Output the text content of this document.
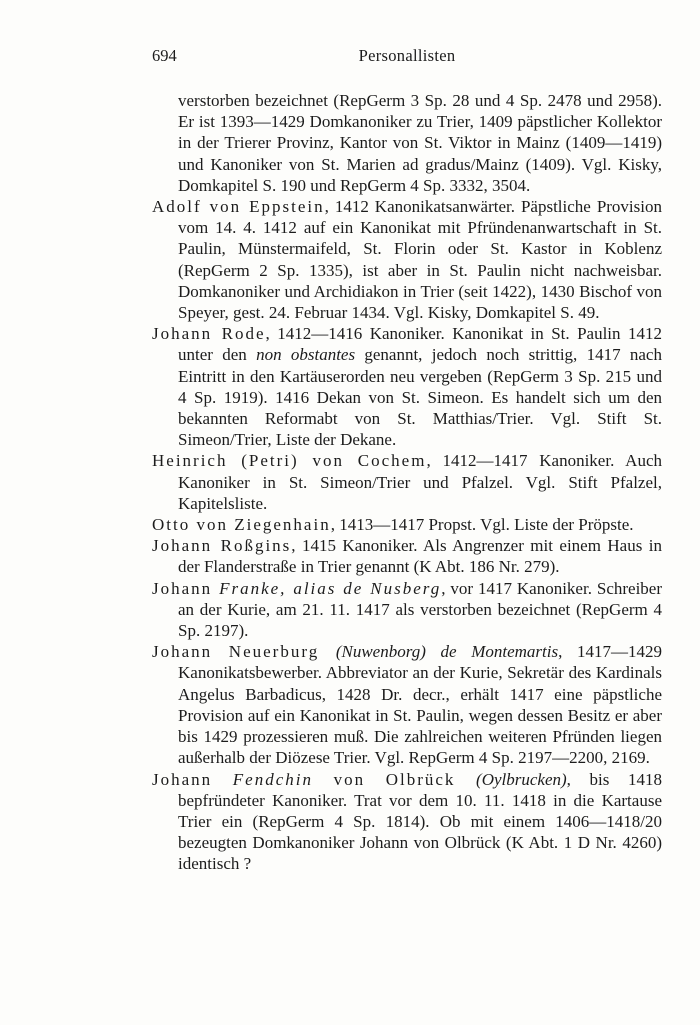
694	Personallisten

verstorben bezeichnet (RepGerm 3 Sp. 28 und 4 Sp. 2478 und 2958). Er ist 1393—1429 Domkanoniker zu Trier, 1409 päpstlicher Kollektor in der Trierer Provinz, Kantor von St. Viktor in Mainz (1409—1419) und Kanoniker von St. Marien ad gradus/Mainz (1409). Vgl. Kisky, Domkapitel S. 190 und RepGerm 4 Sp. 3332, 3504.

Adolf von Eppstein, 1412 Kanonikatsanwärter. Päpstliche Provision vom 14. 4. 1412 auf ein Kanonikat mit Pfründenanwartschaft in St. Paulin, Münstermaifeld, St. Florin oder St. Kastor in Koblenz (RepGerm 2 Sp. 1335), ist aber in St. Paulin nicht nachweisbar. Domkanoniker und Archidiakon in Trier (seit 1422), 1430 Bischof von Speyer, gest. 24. Februar 1434. Vgl. Kisky, Domkapitel S. 49.

Johann Rode, 1412—1416 Kanoniker. Kanonikat in St. Paulin 1412 unter den non obstantes genannt, jedoch noch strittig, 1417 nach Eintritt in den Kartäuserorden neu vergeben (RepGerm 3 Sp. 215 und 4 Sp. 1919). 1416 Dekan von St. Simeon. Es handelt sich um den bekannten Reformabt von St. Matthias/Trier. Vgl. Stift St. Simeon/Trier, Liste der Dekane.

Heinrich (Petri) von Cochem, 1412—1417 Kanoniker. Auch Kanoniker in St. Simeon/Trier und Pfalzel. Vgl. Stift Pfalzel, Kapitelsliste.

Otto von Ziegenhain, 1413—1417 Propst. Vgl. Liste der Pröpste.

Johann Roßgins, 1415 Kanoniker. Als Angrenzer mit einem Haus in der Flanderstraße in Trier genannt (K Abt. 186 Nr. 279).

Johann Franke, alias de Nusberg, vor 1417 Kanoniker. Schreiber an der Kurie, am 21. 11. 1417 als verstorben bezeichnet (RepGerm 4 Sp. 2197).

Johann Neuerburg (Nuwenborg) de Montemartis, 1417—1429 Kanonikatsbewerber. Abbreviator an der Kurie, Sekretär des Kardinals Angelus Barbadicus, 1428 Dr. decr., erhält 1417 eine päpstliche Provision auf ein Kanonikat in St. Paulin, wegen dessen Besitz er aber bis 1429 prozessieren muß. Die zahlreichen weiteren Pfründen liegen außerhalb der Diözese Trier. Vgl. RepGerm 4 Sp. 2197—2200, 2169.

Johann Fendchin von Olbrück (Oylbrucken), bis 1418 bepfründeter Kanoniker. Trat vor dem 10. 11. 1418 in die Kartause Trier ein (RepGerm 4 Sp. 1814). Ob mit einem 1406—1418/20 bezeugten Domkanoniker Johann von Olbrück (K Abt. 1 D Nr. 4260) identisch ?
